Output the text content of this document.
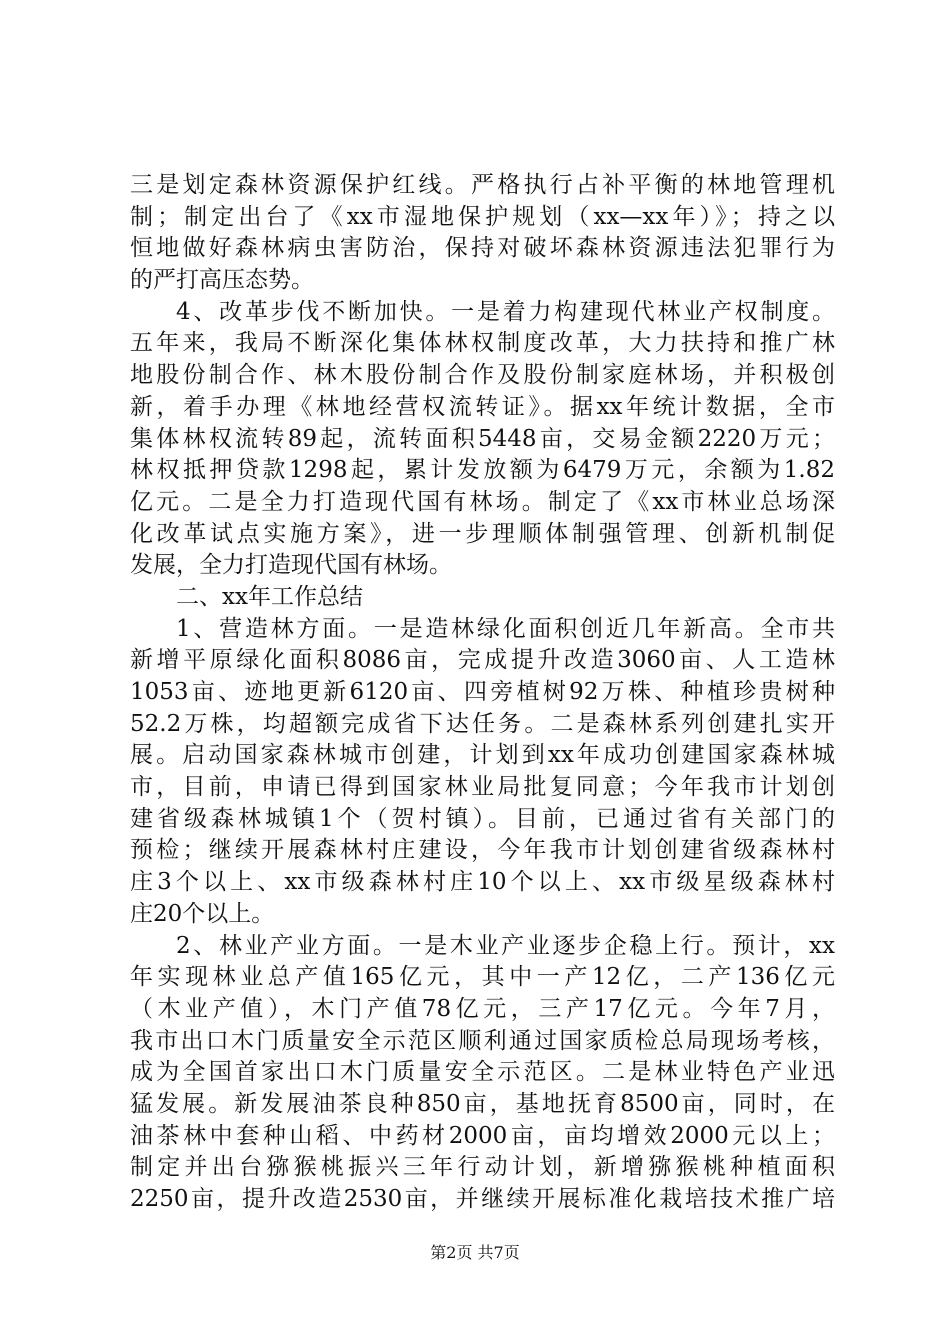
三是划定森林资源保护红线。严格执行占补平衡的林地管理机
制；制定出台了《xx市湿地保护规划（xx—xx年）》；持之以
恒地做好森林病虫害防治，保持对破坏森林资源违法犯罪行为
的严打高压态势。
4、改革步伐不断加快。一是着力构建现代林业产权制度。
五年来，我局不断深化集体林权制度改革，大力扶持和推广林
地股份制合作、林木股份制合作及股份制家庭林场，并积极创
新，着手办理《林地经营权流转证》。据xx年统计数据，全市
集体林权流转89起，流转面积5448亩，交易金额2220万元；
林权抵押贷款1298起，累计发放额为6479万元，余额为1.82
亿元。二是全力打造现代国有林场。制定了《xx市林业总场深
化改革试点实施方案》，进一步理顺体制强管理、创新机制促
发展，全力打造现代国有林场。
二、xx年工作总结
1、营造林方面。一是造林绿化面积创近几年新高。全市共
新增平原绿化面积8086亩，完成提升改造3060亩、人工造林
1053亩、迹地更新6120亩、四旁植树92万株、种植珍贵树种
52.2万株，均超额完成省下达任务。二是森林系列创建扎实开
展。启动国家森林城市创建，计划到xx年成功创建国家森林城
市，目前，申请已得到国家林业局批复同意；今年我市计划创
建省级森林城镇1个（贺村镇）。目前，已通过省有关部门的
预检；继续开展森林村庄建设，今年我市计划创建省级森林村
庄3个以上、xx市级森林村庄10个以上、xx市级星级森林村
庄20个以上。
2、林业产业方面。一是木业产业逐步企稳上行。预计，xx
年实现林业总产值165亿元，其中一产12亿，二产136亿元
（木业产值），木门产值78亿元，三产17亿元。今年7月，
我市出口木门质量安全示范区顺利通过国家质检总局现场考核，
成为全国首家出口木门质量安全示范区。二是林业特色产业迅
猛发展。新发展油茶良种850亩，基地抚育8500亩，同时，在
油茶林中套种山稻、中药材2000亩，亩均增效2000元以上；
制定并出台猕猴桃振兴三年行动计划，新增猕猴桃种植面积
2250亩，提升改造2530亩，并继续开展标准化栽培技术推广培
第2页 共7页
